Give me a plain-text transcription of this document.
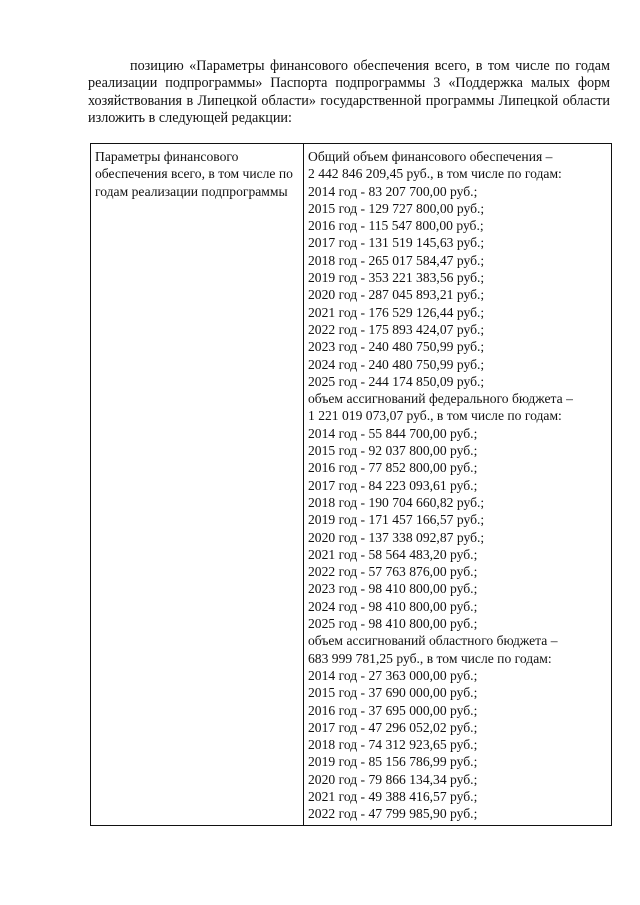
позицию «Параметры финансового обеспечения всего, в том числе по годам реализации подпрограммы» Паспорта подпрограммы 3 «Поддержка малых форм хозяйствования в Липецкой области» государственной программы Липецкой области изложить в следующей редакции:

Параметры финансового обеспечения всего, в том числе по годам реализации подпрограммы
Общий объем финансового обеспечения –
2 442 846 209,45 руб., в том числе по годам:
2014 год - 83 207 700,00 руб.;
2015 год - 129 727 800,00 руб.;
2016 год - 115 547 800,00 руб.;
2017 год - 131 519 145,63 руб.;
2018 год - 265 017 584,47 руб.;
2019 год - 353 221 383,56 руб.;
2020 год - 287 045 893,21 руб.;
2021 год - 176 529 126,44 руб.;
2022 год - 175 893 424,07 руб.;
2023 год - 240 480 750,99 руб.;
2024 год - 240 480 750,99 руб.;
2025 год - 244 174 850,09 руб.;
объем ассигнований федерального бюджета –
1 221 019 073,07 руб., в том числе по годам:
2014 год - 55 844 700,00 руб.;
2015 год - 92 037 800,00 руб.;
2016 год - 77 852 800,00 руб.;
2017 год - 84 223 093,61 руб.;
2018 год - 190 704 660,82 руб.;
2019 год - 171 457 166,57 руб.;
2020 год - 137 338 092,87 руб.;
2021 год - 58 564 483,20 руб.;
2022 год - 57 763 876,00 руб.;
2023 год - 98 410 800,00 руб.;
2024 год - 98 410 800,00 руб.;
2025 год - 98 410 800,00 руб.;
объем ассигнований областного бюджета –
683 999 781,25 руб., в том числе по годам:
2014 год - 27 363 000,00 руб.;
2015 год - 37 690 000,00 руб.;
2016 год - 37 695 000,00 руб.;
2017 год - 47 296 052,02 руб.;
2018 год - 74 312 923,65 руб.;
2019 год - 85 156 786,99 руб.;
2020 год - 79 866 134,34 руб.;
2021 год - 49 388 416,57 руб.;
2022 год - 47 799 985,90 руб.;
